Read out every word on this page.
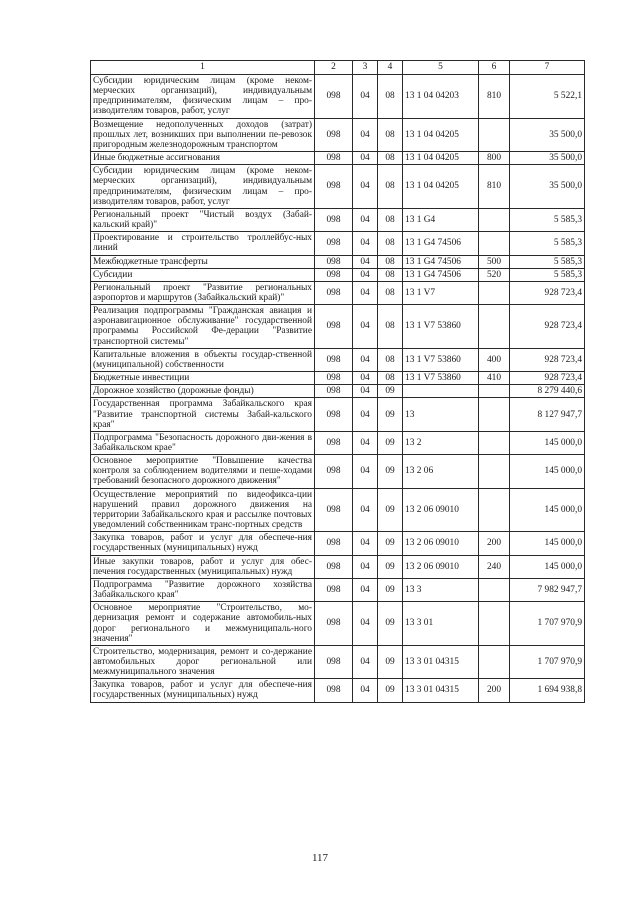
1	2	3	4	5	6	7
Субсидии юридическим лицам (кроме неком-мерческих организаций), индивидуальным предпринимателям, физическим лицам – про-изводителям товаров, работ, услуг	098	04	08	13 1 04 04203	810	5 522,1
Возмещение недополученных доходов (затрат) прошлых лет, возникших при выполнении пе-ревозок пригородным железнодорожным транспортом	098	04	08	13 1 04 04205		35 500,0
Иные бюджетные ассигнования	098	04	08	13 1 04 04205	800	35 500,0
Субсидии юридическим лицам (кроме неком-мерческих организаций), индивидуальным предпринимателям, физическим лицам – про-изводителям товаров, работ, услуг	098	04	08	13 1 04 04205	810	35 500,0
Региональный проект "Чистый воздух (Забай-кальский край)"	098	04	08	13 1 G4		5 585,3
Проектирование и строительство троллейбус-ных линий	098	04	08	13 1 G4 74506		5 585,3
Межбюджетные трансферты	098	04	08	13 1 G4 74506	500	5 585,3
Субсидии	098	04	08	13 1 G4 74506	520	5 585,3
Региональный проект "Развитие региональных аэропортов и маршрутов (Забайкальский край)"	098	04	08	13 1 V7		928 723,4
Реализация подпрограммы "Гражданская авиация и аэронавигационное обслуживание" государственной программы Российской Фе-дерации "Развитие транспортной системы"	098	04	08	13 1 V7 53860		928 723,4
Капитальные вложения в объекты государ-ственной (муниципальной) собственности	098	04	08	13 1 V7 53860	400	928 723,4
Бюджетные инвестиции	098	04	08	13 1 V7 53860	410	928 723,4
Дорожное хозяйство (дорожные фонды)	098	04	09			8 279 440,6
Государственная программа Забайкальского края "Развитие транспортной системы Забай-кальского края"	098	04	09	13		8 127 947,7
Подпрограмма "Безопасность дорожного дви-жения в Забайкальском крае"	098	04	09	13 2		145 000,0
Основное мероприятие "Повышение качества контроля за соблюдением водителями и пеше-ходами требований безопасного дорожного движения"	098	04	09	13 2 06		145 000,0
Осуществление мероприятий по видеофикса-ции нарушений правил дорожного движения на территории Забайкальского края и рассылке почтовых уведомлений собственникам транс-портных средств	098	04	09	13 2 06 09010		145 000,0
Закупка товаров, работ и услуг для обеспече-ния государственных (муниципальных) нужд	098	04	09	13 2 06 09010	200	145 000,0
Иные закупки товаров, работ и услуг для обес-печения государственных (муниципальных) нужд	098	04	09	13 2 06 09010	240	145 000,0
Подпрограмма "Развитие дорожного хозяйства Забайкальского края"	098	04	09	13 3		7 982 947,7
Основное мероприятие "Строительство, мо-дернизация ремонт и содержание автомобиль-ных дорог регионального и межмуниципаль-ного значения"	098	04	09	13 3 01		1 707 970,9
Строительство, модернизация, ремонт и со-держание автомобильных дорог региональной или межмуниципального значения	098	04	09	13 3 01 04315		1 707 970,9
Закупка товаров, работ и услуг для обеспече-ния государственных (муниципальных) нужд	098	04	09	13 3 01 04315	200	1 694 938,8
117
